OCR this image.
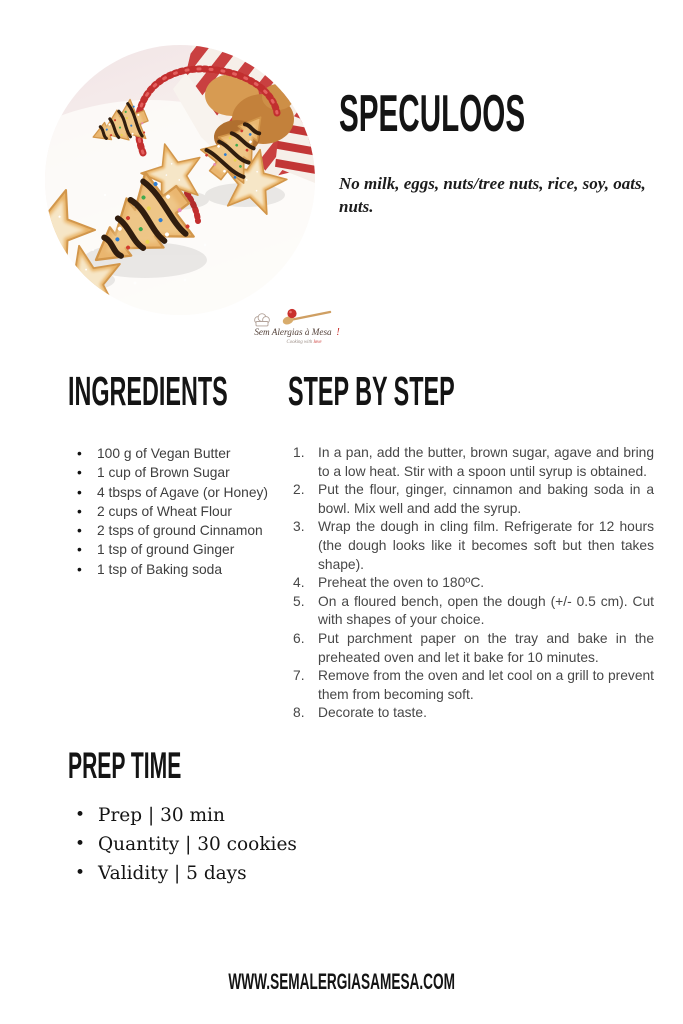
SPECULOOS

No milk, eggs, nuts/tree nuts, rice, soy, oats, nuts.

Sem Alergias à Mesa !
Cooking with love
INGREDIENTS
• 100 g of Vegan Butter
• 1 cup of Brown Sugar
• 4 tbsps of Agave (or Honey)
• 2 cups of Wheat Flour
• 2 tsps of ground Cinnamon
• 1 tsp of ground Ginger
• 1 tsp of Baking soda
STEP BY STEP
In a pan, add the butter, brown sugar, agave and bring to a low heat. Stir with a spoon until syrup is obtained.
Put the flour, ginger, cinnamon and baking soda in a bowl. Mix well and add the syrup.
Wrap the dough in cling film. Refrigerate for 12 hours (the dough looks like it becomes soft but then takes shape).
Preheat the oven to 180ºC.
On a floured bench, open the dough (+/- 0.5 cm). Cut with shapes of your choice.
Put parchment paper on the tray and bake in the preheated oven and let it bake for 10 minutes.
Remove from the oven and let cool on a grill to prevent them from becoming soft.
Decorate to taste.
PREP TIME
• Prep | 30 min
• Quantity | 30 cookies
• Validity | 5 days
WWW.SEMALERGIASAMESA.COM
